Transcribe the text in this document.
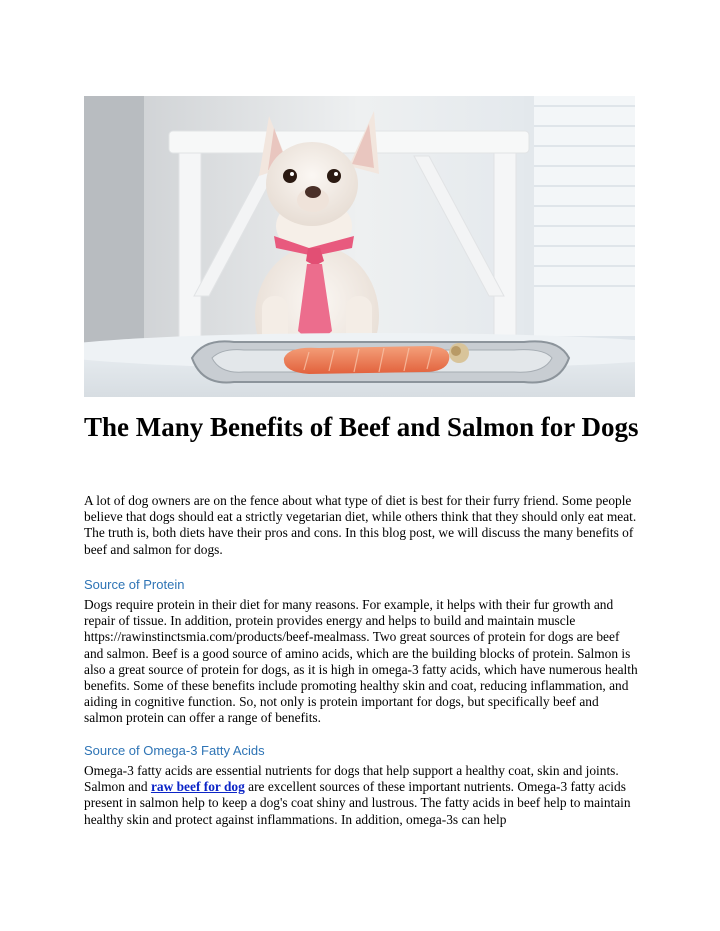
The Many Benefits of Beef and Salmon for Dogs

A lot of dog owners are on the fence about what type of diet is best for their furry friend. Some people believe that dogs should eat a strictly vegetarian diet, while others think that they should only eat meat. The truth is, both diets have their pros and cons. In this blog post, we will discuss the many benefits of beef and salmon for dogs.

Source of Protein

Dogs require protein in their diet for many reasons. For example, it helps with their fur growth and repair of tissue. In addition, protein provides energy and helps to build and maintain muscle https://rawinstinctsmia.com/products/beef-mealmass. Two great sources of protein for dogs are beef and salmon. Beef is a good source of amino acids, which are the building blocks of protein. Salmon is also a great source of protein for dogs, as it is high in omega-3 fatty acids, which have numerous health benefits. Some of these benefits include promoting healthy skin and coat, reducing inflammation, and aiding in cognitive function. So, not only is protein important for dogs, but specifically beef and salmon protein can offer a range of benefits.

Source of Omega-3 Fatty Acids

Omega-3 fatty acids are essential nutrients for dogs that help support a healthy coat, skin and joints. Salmon and raw beef for dog are excellent sources of these important nutrients. Omega-3 fatty acids present in salmon help to keep a dog's coat shiny and lustrous. The fatty acids in beef help to maintain healthy skin and protect against inflammations. In addition, omega-3s can help
